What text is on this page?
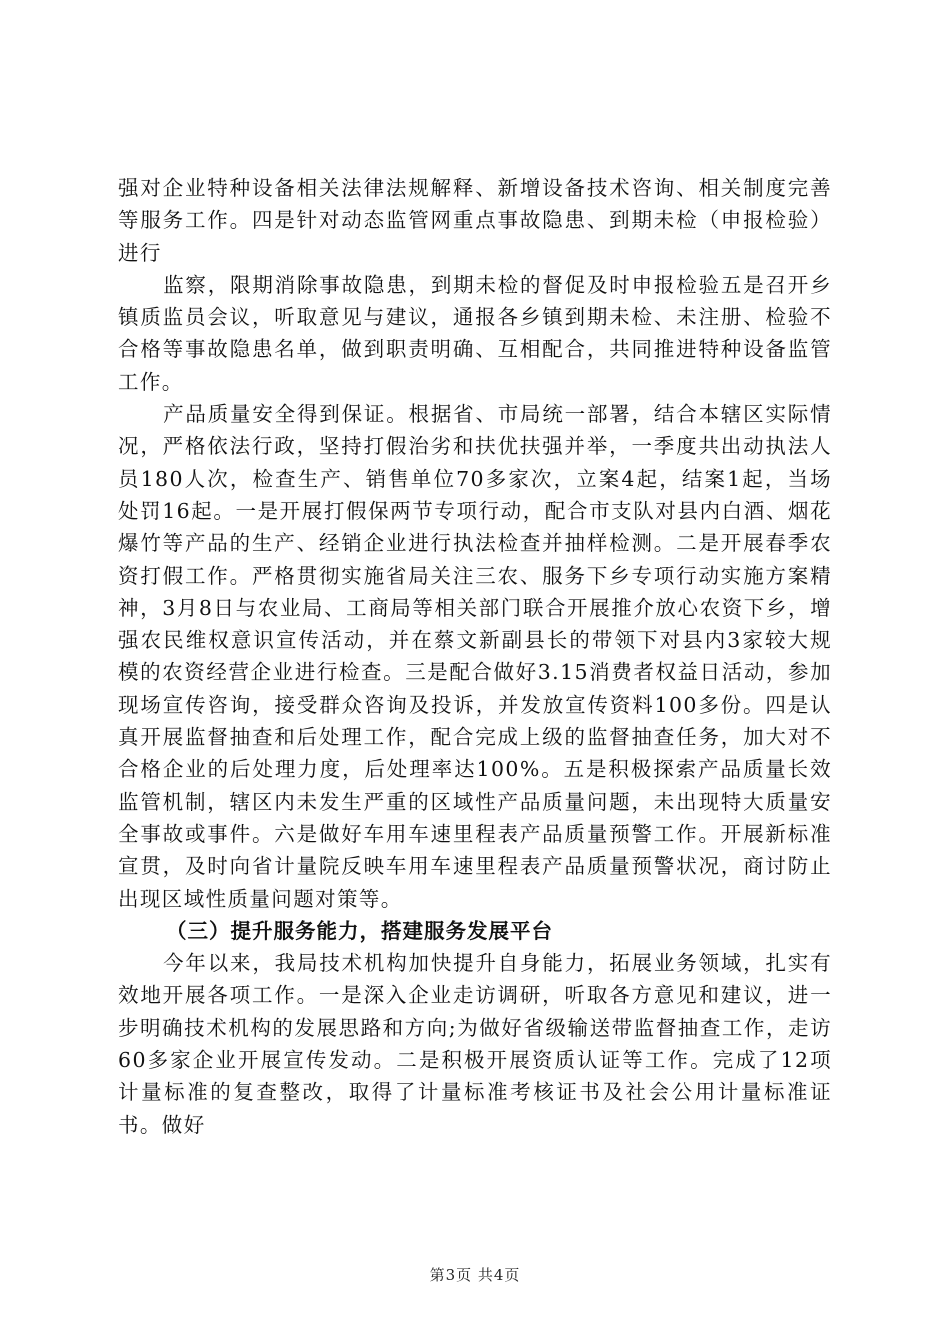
强对企业特种设备相关法律法规解释、新增设备技术咨询、相关制度完善等服务工作。四是针对动态监管网重点事故隐患、到期未检（申报检验）进行

监察，限期消除事故隐患，到期未检的督促及时申报检验五是召开乡镇质监员会议，听取意见与建议，通报各乡镇到期未检、未注册、检验不合格等事故隐患名单，做到职责明确、互相配合，共同推进特种设备监管工作。

产品质量安全得到保证。根据省、市局统一部署，结合本辖区实际情况，严格依法行政，坚持打假治劣和扶优扶强并举，一季度共出动执法人员180人次，检查生产、销售单位70多家次，立案4起，结案1起，当场处罚16起。一是开展打假保两节专项行动，配合市支队对县内白酒、烟花爆竹等产品的生产、经销企业进行执法检查并抽样检测。二是开展春季农资打假工作。严格贯彻实施省局关注三农、服务下乡专项行动实施方案精神，3月8日与农业局、工商局等相关部门联合开展推介放心农资下乡，增强农民维权意识宣传活动，并在蔡文新副县长的带领下对县内3家较大规模的农资经营企业进行检查。三是配合做好3.15消费者权益日活动，参加现场宣传咨询，接受群众咨询及投诉，并发放宣传资料100多份。四是认真开展监督抽查和后处理工作，配合完成上级的监督抽查任务，加大对不合格企业的后处理力度，后处理率达100%。五是积极探索产品质量长效监管机制，辖区内未发生严重的区域性产品质量问题，未出现特大质量安全事故或事件。六是做好车用车速里程表产品质量预警工作。开展新标准宣贯，及时向省计量院反映车用车速里程表产品质量预警状况，商讨防止出现区域性质量问题对策等。

（三）提升服务能力，搭建服务发展平台

今年以来，我局技术机构加快提升自身能力，拓展业务领域，扎实有效地开展各项工作。一是深入企业走访调研，听取各方意见和建议，进一步明确技术机构的发展思路和方向;为做好省级输送带监督抽查工作，走访60多家企业开展宣传发动。二是积极开展资质认证等工作。完成了12项计量标准的复查整改，取得了计量标准考核证书及社会公用计量标准证书。做好

第3页 共4页
